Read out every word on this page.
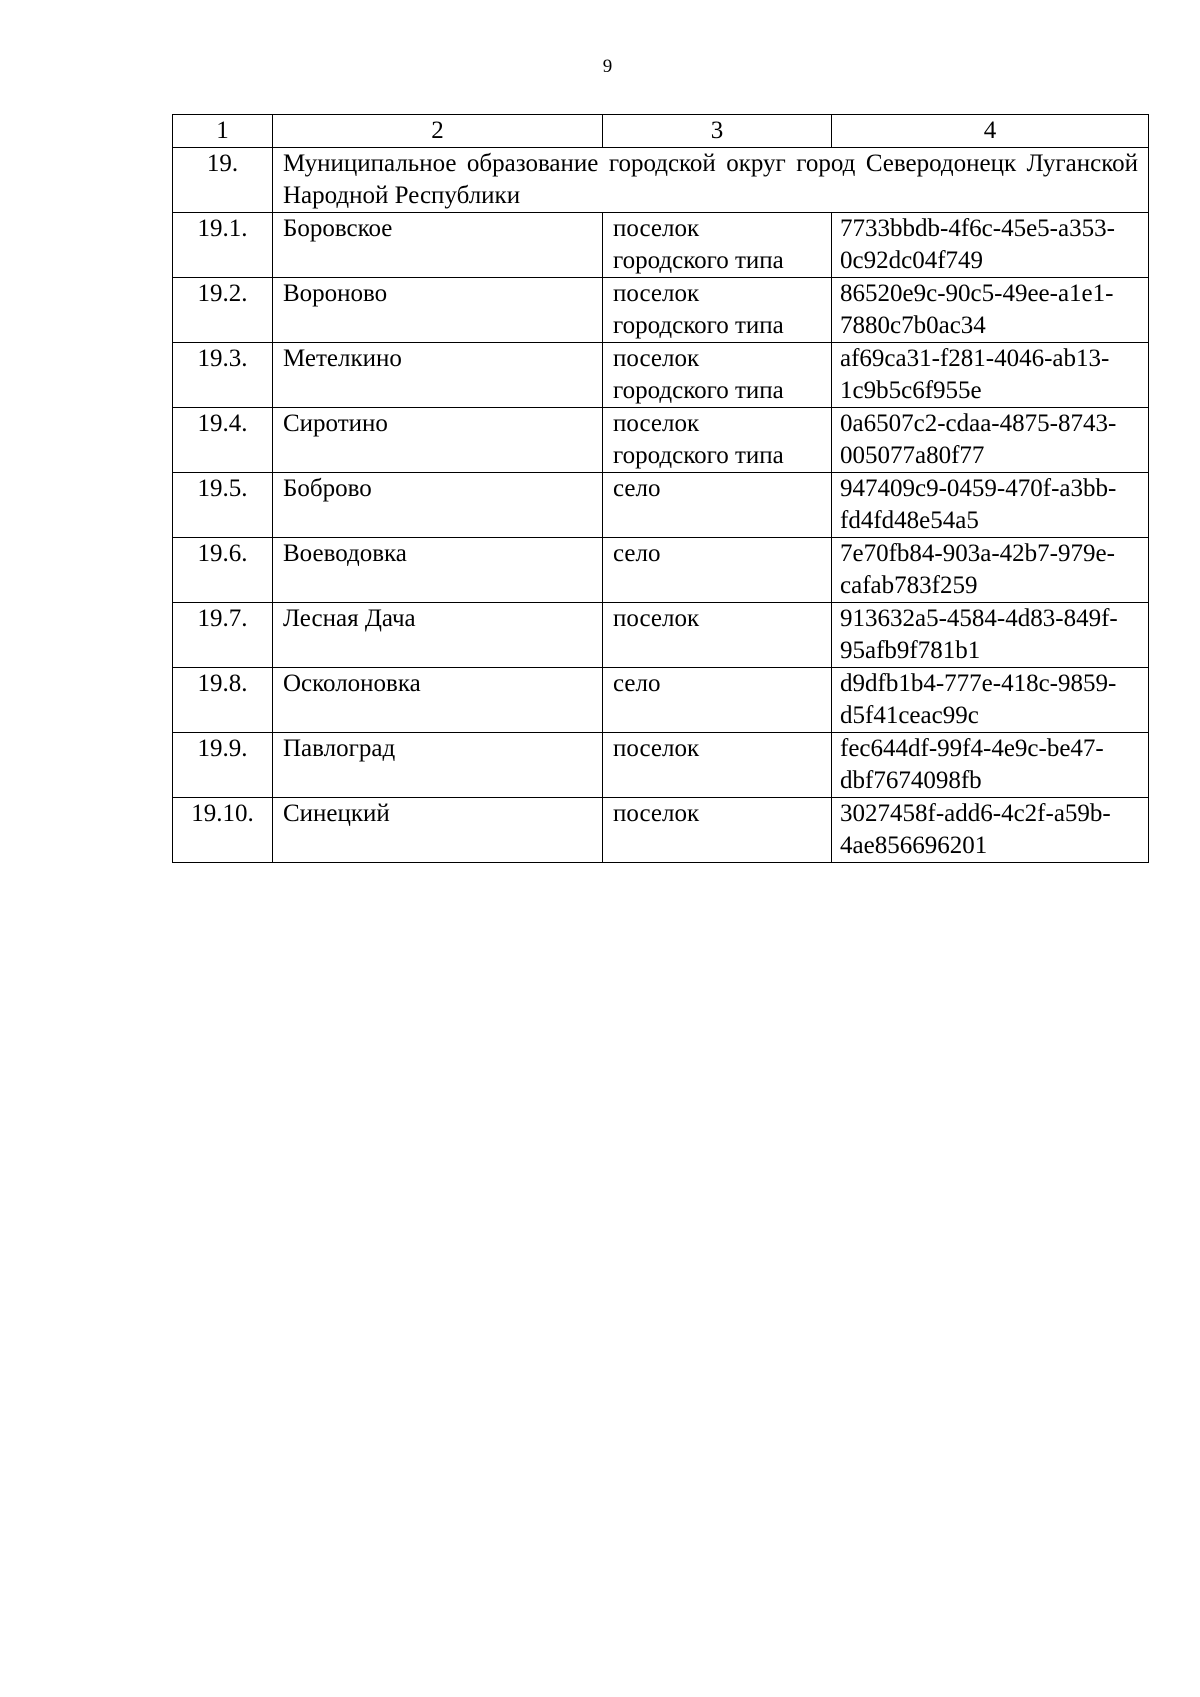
9
1	2	3	4
19.	Муниципальное образование городской округ город Северодонецк Луганской Народной Республики		
19.1.	Боровское	поселок городского типа	7733bbdb-4f6c-45e5-a353-0c92dc04f749
19.2.	Вороново	поселок городского типа	86520e9c-90c5-49ee-a1e1-7880c7b0ac34
19.3.	Метелкино	поселок городского типа	af69ca31-f281-4046-ab13-1c9b5c6f955e
19.4.	Сиротино	поселок городского типа	0a6507c2-cdaa-4875-8743-005077a80f77
19.5.	Боброво	село	947409c9-0459-470f-a3bb-fd4fd48e54a5
19.6.	Воеводовка	село	7e70fb84-903a-42b7-979e-cafab783f259
19.7.	Лесная Дача	поселок	913632a5-4584-4d83-849f-95afb9f781b1
19.8.	Осколоновка	село	d9dfb1b4-777e-418c-9859-d5f41ceac99c
19.9.	Павлоград	поселок	fec644df-99f4-4e9c-be47-dbf7674098fb
19.10.	Синецкий	поселок	3027458f-add6-4c2f-a59b-4ae856696201
